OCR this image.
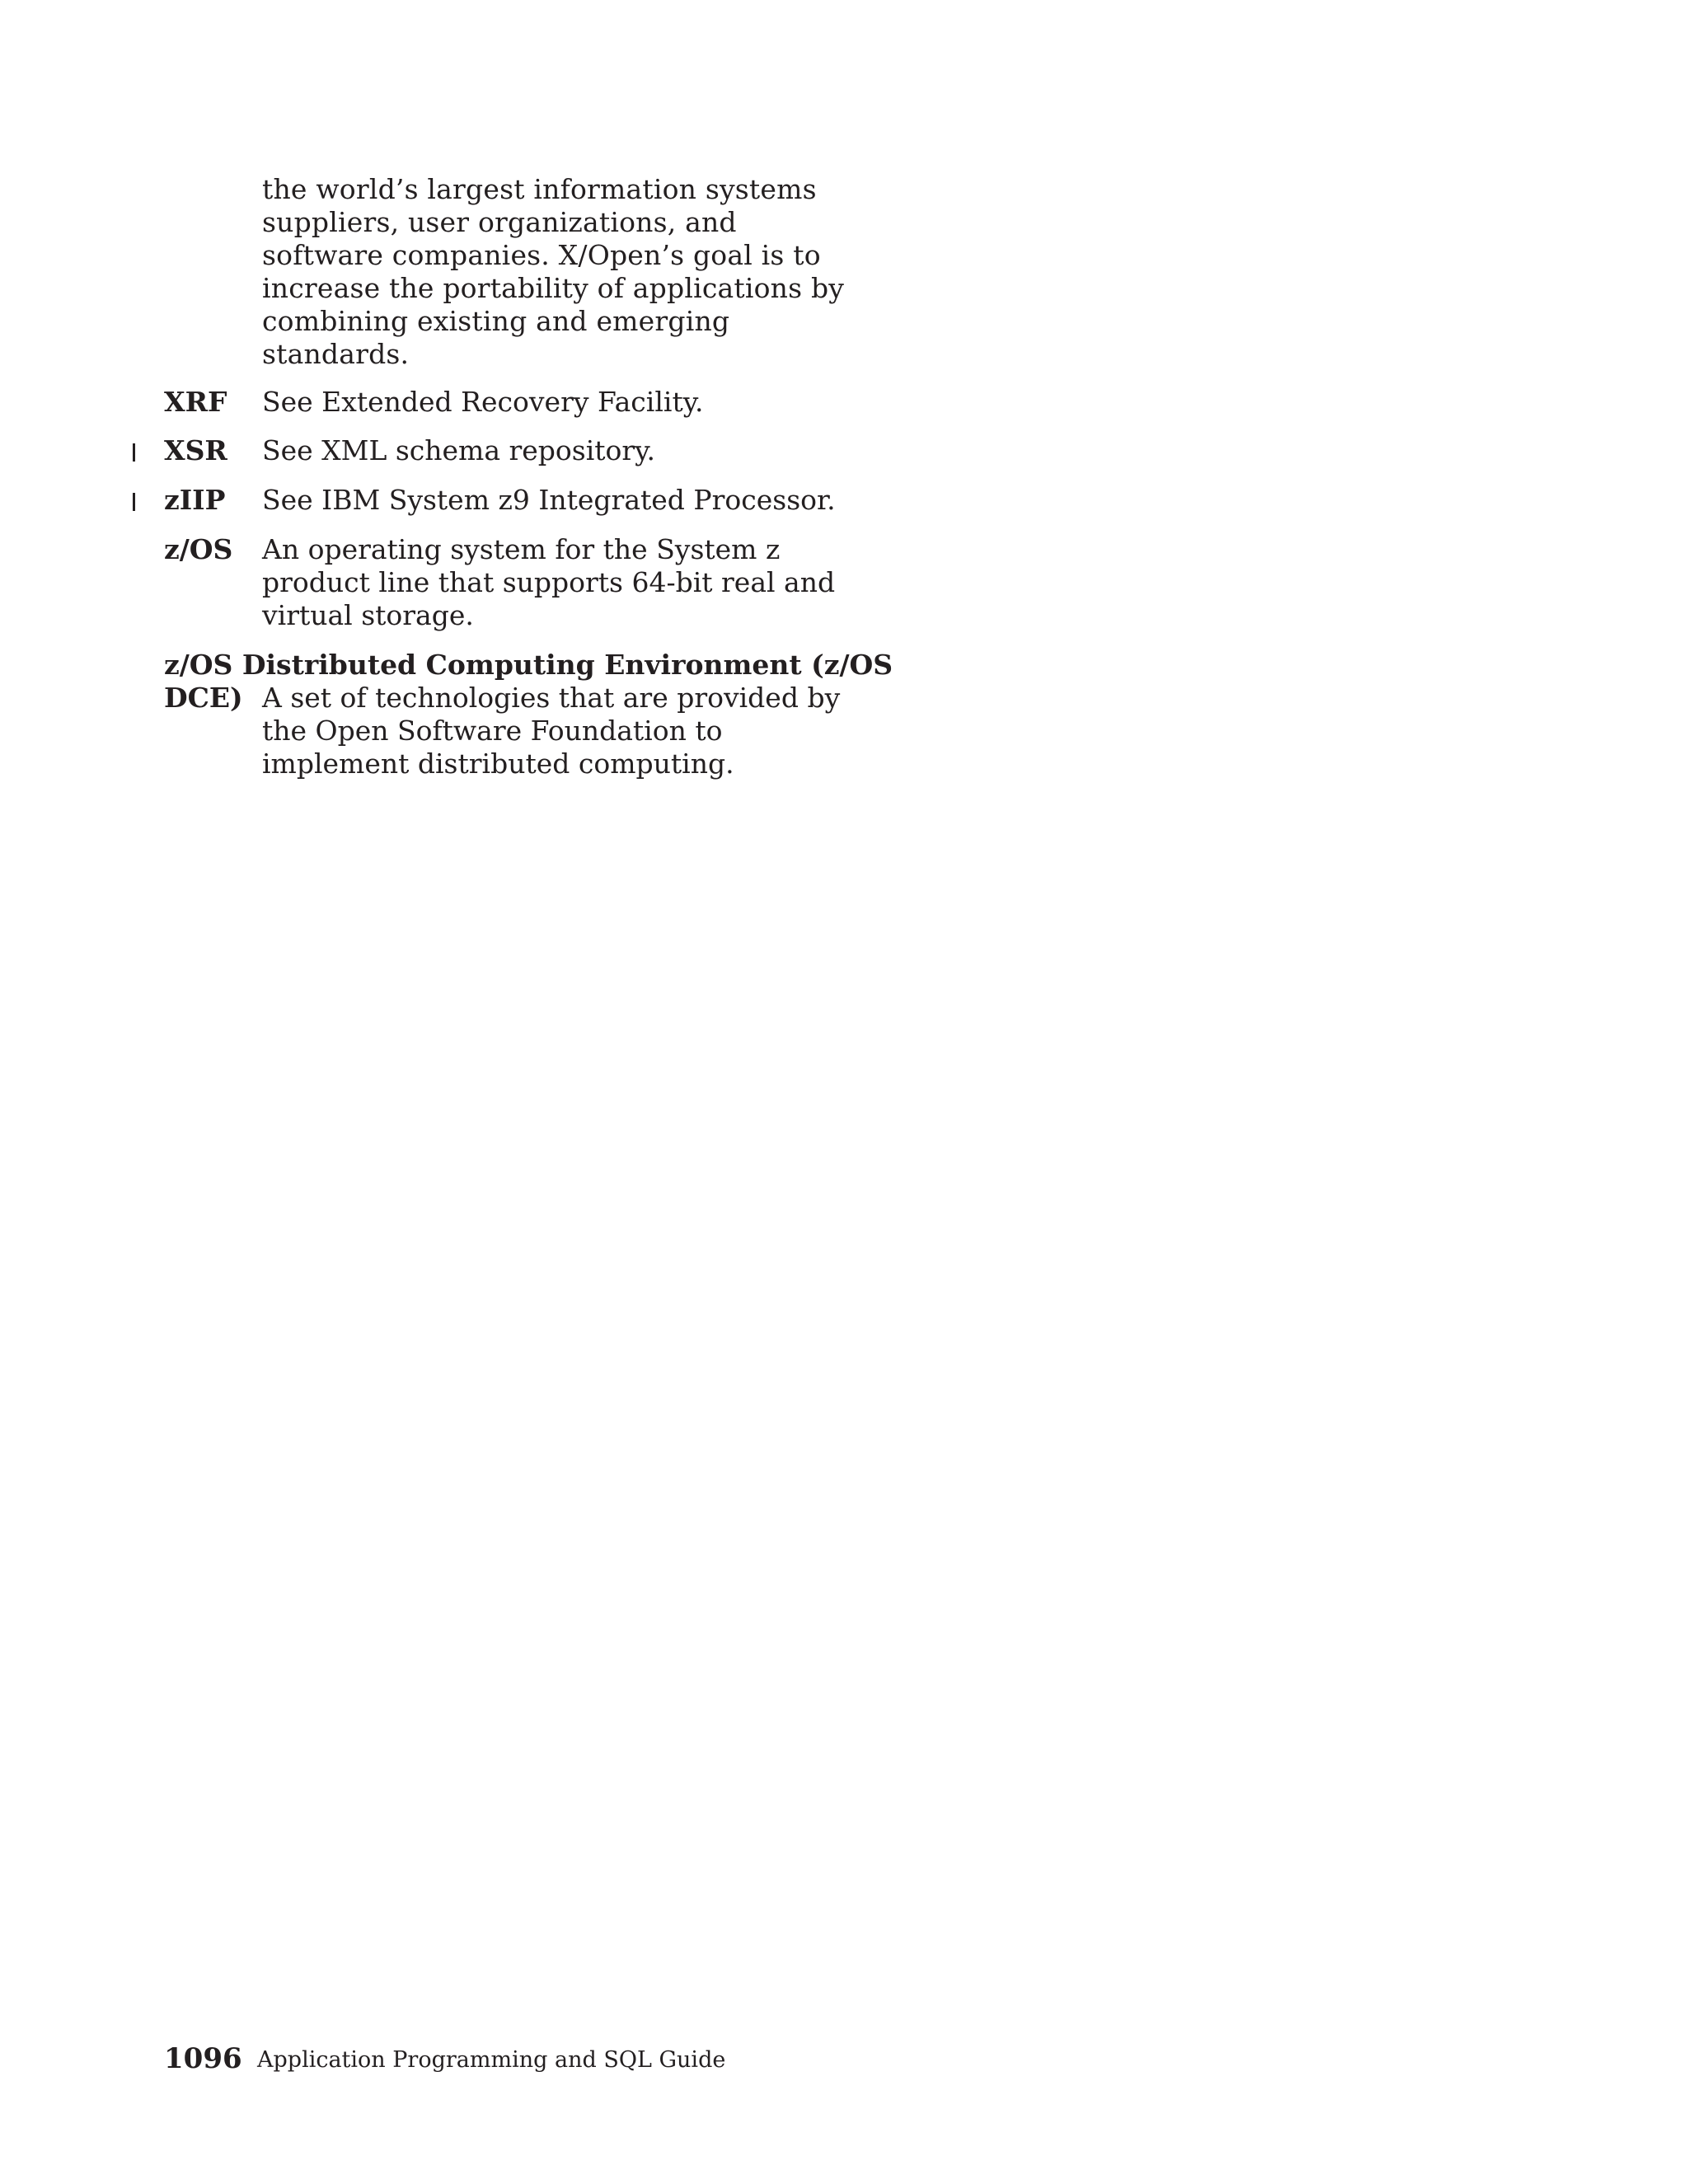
the world’s largest information systems
suppliers, user organizations, and
software companies. X/Open’s goal is to
increase the portability of applications by
combining existing and emerging
standards.
XRF See Extended Recovery Facility.
XSR See XML schema repository.
zIIP See IBM System z9 Integrated Processor.
z/OS An operating system for the System z
product line that supports 64-bit real and
virtual storage.
z/OS Distributed Computing Environment (z/OS
DCE) A set of technologies that are provided by
the Open Software Foundation to
implement distributed computing.
1096 Application Programming and SQL Guide
